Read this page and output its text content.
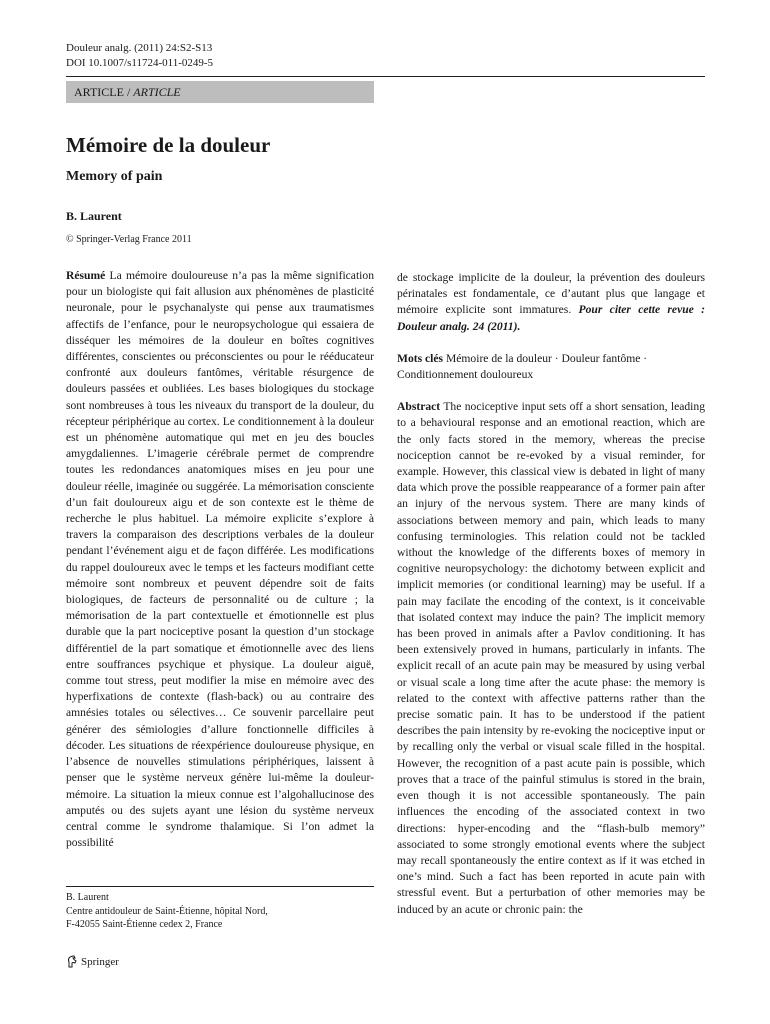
Douleur analg. (2011) 24:S2-S13
DOI 10.1007/s11724-011-0249-5
ARTICLE / ARTICLE
Mémoire de la douleur
Memory of pain
B. Laurent
© Springer-Verlag France 2011

Résumé La mémoire douloureuse n’a pas la même signification pour un biologiste qui fait allusion aux phénomènes de plasticité neuronale, pour le psychanalyste qui pense aux traumatismes affectifs de l’enfance, pour le neuropsychologue qui essaiera de disséquer les mémoires de la douleur en boîtes cognitives différentes, conscientes ou préconscientes ou pour le rééducateur confronté aux douleurs fantômes, véritable résurgence de douleurs passées et oubliées. Les bases biologiques du stockage sont nombreuses à tous les niveaux du transport de la douleur, du récepteur périphérique au cortex. Le conditionnement à la douleur est un phénomène automatique qui met en jeu des boucles amygdaliennes. L’imagerie cérébrale permet de comprendre toutes les redondances anatomiques mises en jeu pour une douleur réelle, imaginée ou suggérée. La mémorisation consciente d’un fait douloureux aigu et de son contexte est le thème de recherche le plus habituel. La mémoire explicite s’explore à travers la comparaison des descriptions verbales de la douleur pendant l’événement aigu et de façon différée. Les modifications du rappel douloureux avec le temps et les facteurs modifiant cette mémoire sont nombreux et peuvent dépendre soit de faits biologiques, de facteurs de personnalité ou de culture ; la mémorisation de la part contextuelle et émotionnelle est plus durable que la part nociceptive posant la question d’un stockage différentiel de la part somatique et émotionnelle avec des liens entre souffrances psychique et physique. La douleur aiguë, comme tout stress, peut modifier la mise en mémoire avec des hyperfixations de contexte (flash-back) ou au contraire des amnésies totales ou sélectives… Ce souvenir parcellaire peut générer des sémiologies d’allure fonctionnelle difficiles à décoder. Les situations de réexpérience douloureuse physique, en l’absence de nouvelles stimulations périphériques, laissent à penser que le système nerveux génère lui-même la douleur-mémoire. La situation la mieux connue est l’algohallucinose des amputés ou des sujets ayant une lésion du système nerveux central comme le syndrome thalamique. Si l’on admet la possibilité

de stockage implicite de la douleur, la prévention des douleurs périnatales est fondamentale, ce d’autant plus que langage et mémoire explicite sont immatures. Pour citer cette revue : Douleur analg. 24 (2011).

Mots clés Mémoire de la douleur · Douleur fantôme · Conditionnement douloureux

Abstract The nociceptive input sets off a short sensation, leading to a behavioural response and an emotional reaction, which are the only facts stored in the memory, whereas the precise nociception cannot be re-evoked by a visual reminder, for example. However, this classical view is debated in light of many data which prove the possible reappearance of a former pain after an injury of the nervous system. There are many kinds of associations between memory and pain, which leads to many confusing terminologies. This relation could not be tackled without the knowledge of the differents boxes of memory in cognitive neuropsychology: the dichotomy between explicit and implicit memories (or conditional learning) may be useful. If a pain may facilate the encoding of the context, is it conceivable that isolated context may induce the pain? The implicit memory has been proved in animals after a Pavlov conditioning. It has been extensively proved in humans, particularly in infants. The explicit recall of an acute pain may be measured by using verbal or visual scale a long time after the acute phase: the memory is related to the context with affective patterns rather than the precise somatic pain. It has to be understood if the patient describes the pain intensity by re-evoking the nociceptive input or by recalling only the verbal or visual scale filled in the hospital. However, the recognition of a past acute pain is possible, which proves that a trace of the painful stimulus is stored in the brain, even though it is not accessible spontaneously. The pain influences the encoding of the associated context in two directions: hyper-encoding and the “flash-bulb memory” associated to some strongly emotional events where the subject may recall spontaneously the entire context as if it was etched in one’s mind. Such a fact has been reported in acute pain with stressful event. But a perturbation of other memories may be induced by an acute or chronic pain: the

B. Laurent
Centre antidouleur de Saint-Étienne, hôpital Nord,
F-42055 Saint-Étienne cedex 2, France
Springer
